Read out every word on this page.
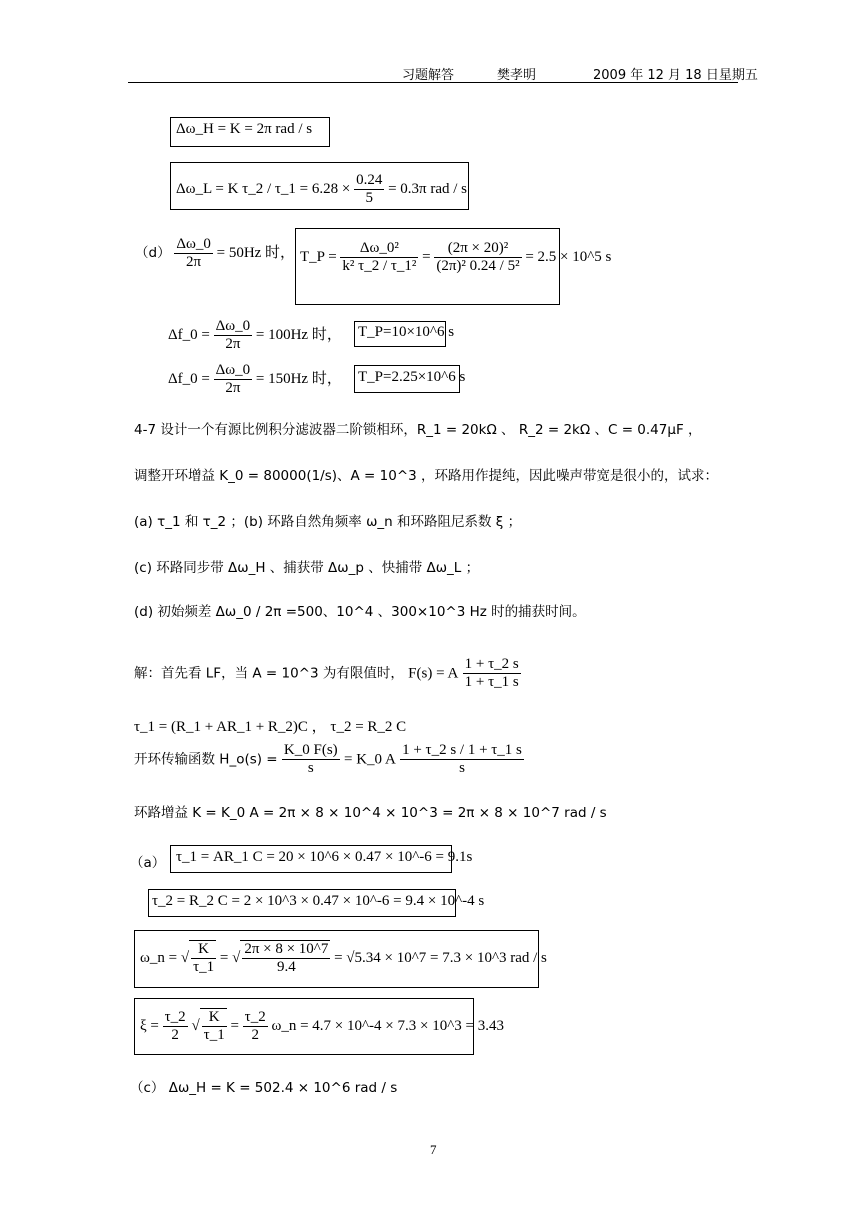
习题解答	樊孝明	2009 年 12 月 18 日星期五
Δω_H = K = 2π rad / s
Δω_L = K τ_2 / τ_1 = $6.28 \times \frac{0.24}{5} = 0.3\pi$ rad / s
$(d) \frac{\Delta\omega\_0}{2\pi} = 50Hz$ 时， T_P = $\frac{\text{Δω\_0²}}{\text{k² τ\_2 / τ\_1²}} = \frac{\text{(2π × 20)²}}{\text{(2π)² 0.24 / 5²}} = 2.5$ × 10^5 s
Δf_0 = $\frac{\Delta\omega\_0}{2\pi} = 100Hz$ 时， T_P=10×10^6 s
Δf_0 = $\frac{\Delta\omega\_0}{2\pi} = 150Hz$ 时， T_P=2.25×10^6 s
4-7 设计一个有源比例积分滤波器二阶锁相环，R_1 = 20kΩ 、 R_2 = 2kΩ 、C = 0.47μF ，
调整开环增益 K_0 = 80000(1/s)、A = 10^3 ，环路用作提纯，因此噪声带宽是很小的，试求：
(a) τ_1 和 τ_2 ；(b) 环路自然角频率 ω_n 和环路阻尼系数 ξ ；
(c) 环路同步带 Δω_H 、捕获带 Δω_p 、快捕带 Δω_L ；
(d) 初始频差 Δω_0 / 2π =500、10^4 、300×10^3 Hz 时的捕获时间。
解：首先看 LF，当 A = 10^3 为有限值时， F(s) = A $\frac{1 + \tau\_2 s}{1 + \tau\_1 s}$
τ_1 = (R_1 + AR_1 + R_2)C ， τ_2 = R_2 C
开环传输函数 H_o(s) = $\frac{K\_0 F(s)}{s}$ = K_0 A $\frac{1 + \tau\_2 s / 1 + \tau\_1 s}{s}$
环路增益 K = K_0 A = 2π × 8 × 10^4 × 10^3 = 2π × 8 × 10^7 rad / s
（a） τ_1 = AR_1 C = 20 × 10^6 × 0.47 × 10^-6 = 9.1s
τ_2 = R_2 C = 2 × 10^3 × 0.47 × 10^-6 = 9.4 × 10^-4 s
ω_n = √ $\frac{K}{\tau\_1}$ = √ $\frac{2\pi \times 8 \times 10\^{}7}{9.4} = √5.34$ × 10^7 = 7.3 × 10^3 rad / s
$\xi = \frac{\tau\_2}{2}$ √ $\frac{K}{\tau\_1} = \frac{\tau\_2}{2}$ ω_n = 4.7 × 10^-4 × 7.3 × 10^3 = 3.43
（c） Δω_H = K = 502.4 × 10^6 rad / s
7
